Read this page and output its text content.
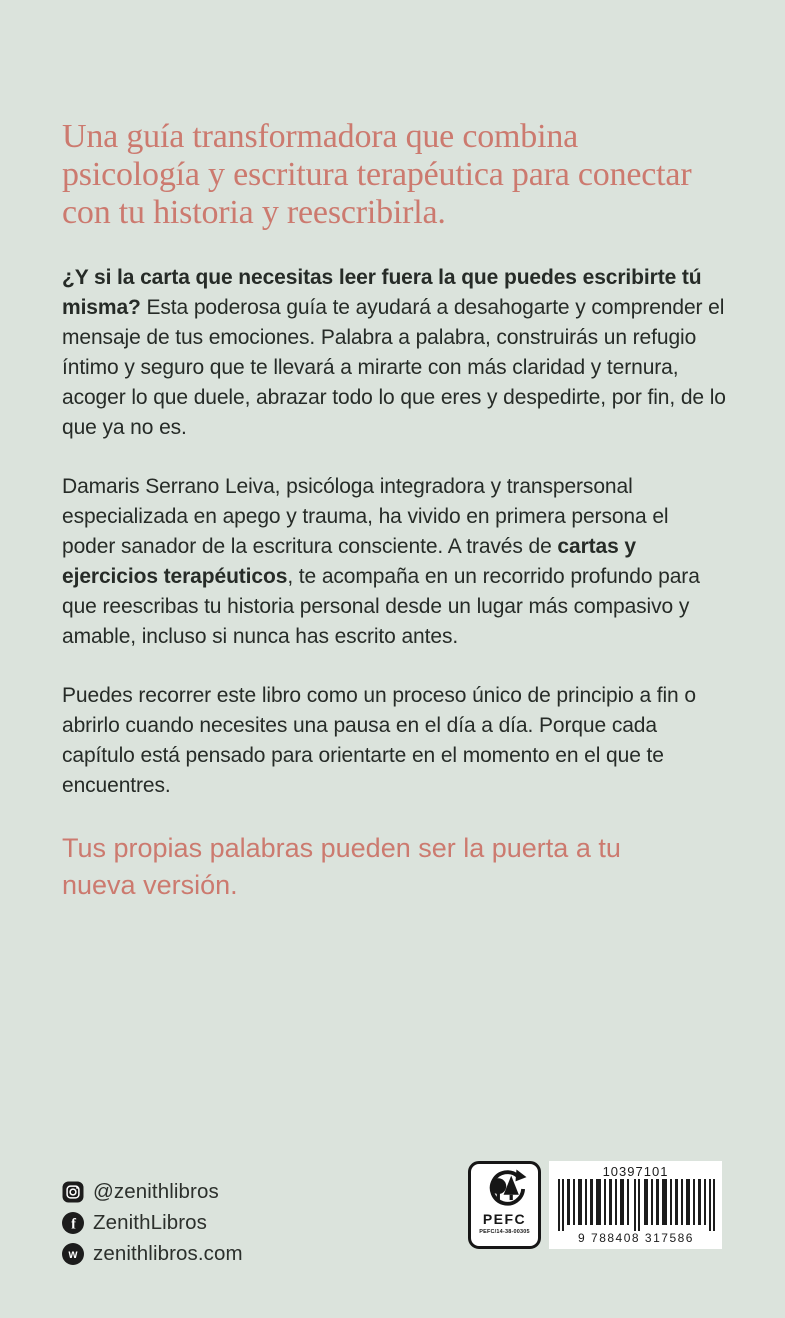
Una guía transformadora que combina psicología y escritura terapéutica para conectar con tu historia y reescribirla.

¿Y si la carta que necesitas leer fuera la que puedes escribirte tú misma? Esta poderosa guía te ayudará a desahogarte y comprender el mensaje de tus emociones. Palabra a palabra, construirás un refugio íntimo y seguro que te llevará a mirarte con más claridad y ternura, acoger lo que duele, abrazar todo lo que eres y despedirte, por fin, de lo que ya no es.

Damaris Serrano Leiva, psicóloga integradora y transpersonal especializada en apego y trauma, ha vivido en primera persona el poder sanador de la escritura consciente. A través de cartas y ejercicios terapéuticos, te acompaña en un recorrido profundo para que reescribas tu historia personal desde un lugar más compasivo y amable, incluso si nunca has escrito antes.

Puedes recorrer este libro como un proceso único de principio a fin o abrirlo cuando necesites una pausa en el día a día. Porque cada capítulo está pensado para orientarte en el momento en el que te encuentres.

Tus propias palabras pueden ser la puerta a tu nueva versión.

@zenithlibros
f ZenithLibros
w zenithlibros.com
PEFC
PEFC/14-38-00305
10397101
9 788408 317586
